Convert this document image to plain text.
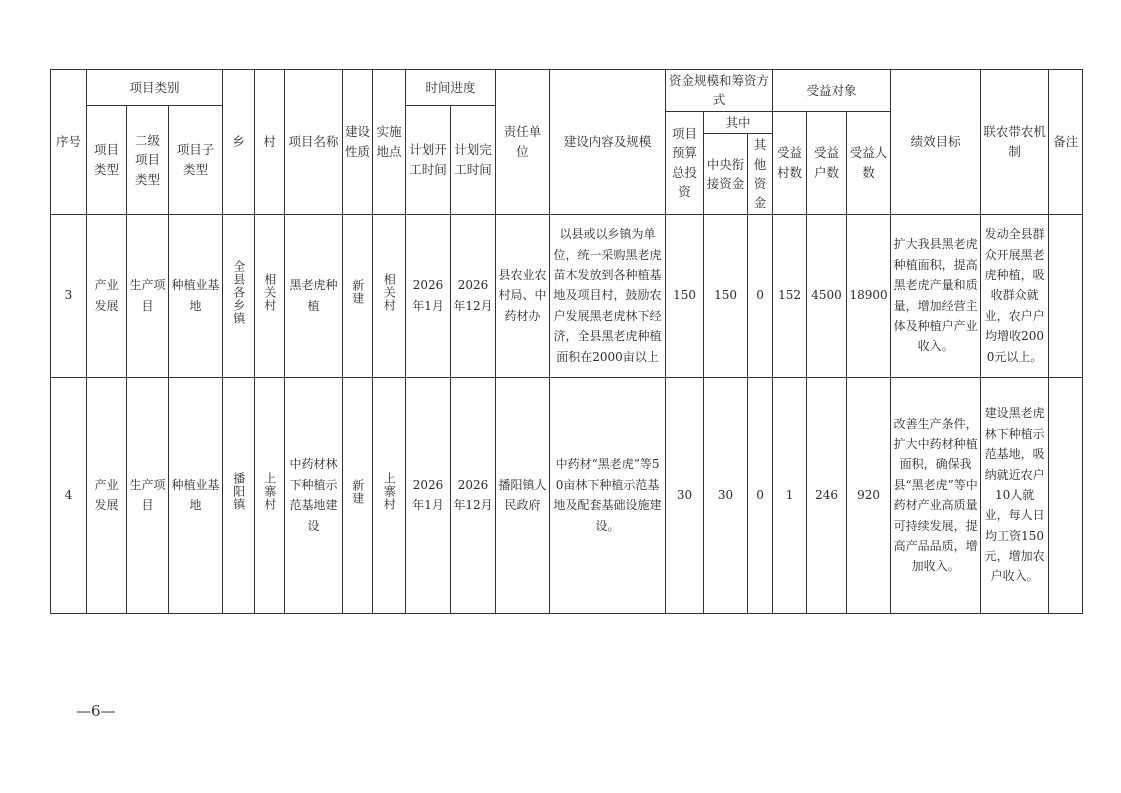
序号	项目类别			乡	村	项目名称	建设性质	实施地点	时间进度		责任单位	建设内容及规模	资金规模和筹资方式			受益对象			绩效目标	联农带农机制	备注
	项目类型	二级项目类型	项目子类型						计划开工时间	计划完工时间											
													项目预算总投资	其中		受益村数	受益户数	受益人数			
														中央衔接资金	其他资金						
3	产业发展	生产项目	种植业基地	全县各乡镇	相关村	黑老虎种植	新建	相关村	2026年1月	2026年12月	县农业农村局、中药材办	以县或以乡镇为单位，统一采购黑老虎苗木发放到各种植基地及项目村，鼓励农户发展黑老虎林下经济，全县黑老虎种植面积在2000亩以上	150	150	0	152	4500	18900	扩大我县黑老虎种植面积，提高黑老虎产量和质量，增加经营主体及种植户产业收入。	发动全县群众开展黑老虎种植，吸收群众就业，农户户均增收2000元以上。	
4	产业发展	生产项目	种植业基地	播阳镇	上寨村	中药材林下种植示范基地建设	新建	上寨村	2026年1月	2026年12月	播阳镇人民政府	中药材“黑老虎”等50亩林下种植示范基地及配套基础设施建设。	30	30	0	1	246	920	改善生产条件，扩大中药材种植面积，确保我县“黑老虎”等中药材产业高质量可持续发展，提高产品品质，增加收入。	建设黑老虎林下种植示范基地，吸纳就近农户10人就业，每人日均工资150元，增加农户收入。	
—6—
